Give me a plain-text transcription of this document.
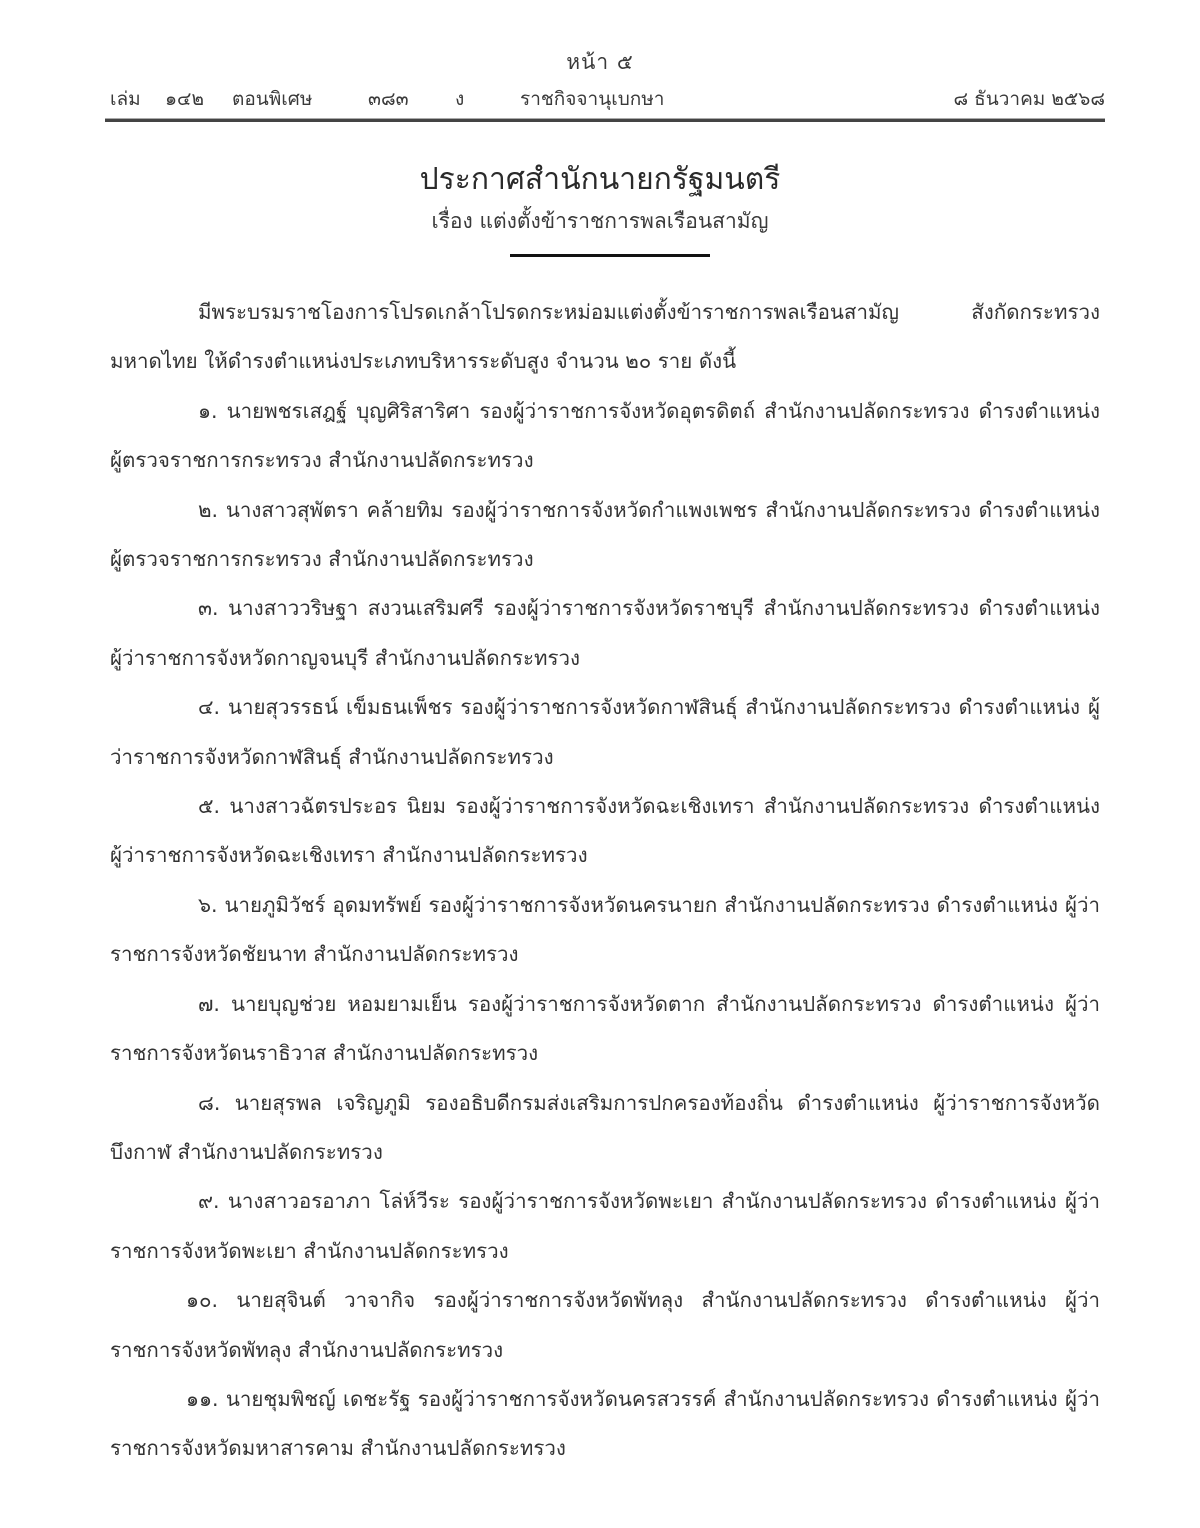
หน้า ๕
เล่ม ๑๔๒ ตอนพิเศษ	๓๘๓ ง	ราชกิจจานุเบกษา	๘ ธันวาคม ๒๕๖๘
ประกาศสำนักนายกรัฐมนตรี
เรื่อง แต่งตั้งข้าราชการพลเรือนสามัญ

มีพระบรมราชโองการโปรดเกล้าโปรดกระหม่อมแต่งตั้งข้าราชการพลเรือนสามัญ สังกัดกระทรวงมหาดไทย ให้ดำรงตำแหน่งประเภทบริหารระดับสูง จำนวน ๒๐ ราย ดังนี้

๑. นายพชรเสฎฐ์ บุญศิริสาริศา รองผู้ว่าราชการจังหวัดอุตรดิตถ์ สำนักงานปลัดกระทรวง ดำรงตำแหน่ง ผู้ตรวจราชการกระทรวง สำนักงานปลัดกระทรวง

๒. นางสาวสุพัตรา คล้ายทิม รองผู้ว่าราชการจังหวัดกำแพงเพชร สำนักงานปลัดกระทรวง ดำรงตำแหน่ง ผู้ตรวจราชการกระทรวง สำนักงานปลัดกระทรวง

๓. นางสาววริษฐา สงวนเสริมศรี รองผู้ว่าราชการจังหวัดราชบุรี สำนักงานปลัดกระทรวง ดำรงตำแหน่ง ผู้ว่าราชการจังหวัดกาญจนบุรี สำนักงานปลัดกระทรวง

๔. นายสุวรรธน์ เข็มธนเพ็ชร รองผู้ว่าราชการจังหวัดกาฬสินธุ์ สำนักงานปลัดกระทรวง ดำรงตำแหน่ง ผู้ว่าราชการจังหวัดกาฬสินธุ์ สำนักงานปลัดกระทรวง

๕. นางสาวฉัตรประอร นิยม รองผู้ว่าราชการจังหวัดฉะเชิงเทรา สำนักงานปลัดกระทรวง ดำรงตำแหน่ง ผู้ว่าราชการจังหวัดฉะเชิงเทรา สำนักงานปลัดกระทรวง

๖. นายภูมิวัชร์ อุดมทรัพย์ รองผู้ว่าราชการจังหวัดนครนายก สำนักงานปลัดกระทรวง ดำรงตำแหน่ง ผู้ว่าราชการจังหวัดชัยนาท สำนักงานปลัดกระทรวง

๗. นายบุญช่วย หอมยามเย็น รองผู้ว่าราชการจังหวัดตาก สำนักงานปลัดกระทรวง ดำรงตำแหน่ง ผู้ว่าราชการจังหวัดนราธิวาส สำนักงานปลัดกระทรวง

๘. นายสุรพล เจริญภูมิ รองอธิบดีกรมส่งเสริมการปกครองท้องถิ่น ดำรงตำแหน่ง ผู้ว่าราชการจังหวัดบึงกาฬ สำนักงานปลัดกระทรวง

๙. นางสาวอรอาภา โล่ห์วีระ รองผู้ว่าราชการจังหวัดพะเยา สำนักงานปลัดกระทรวง ดำรงตำแหน่ง ผู้ว่าราชการจังหวัดพะเยา สำนักงานปลัดกระทรวง

๑๐. นายสุจินต์ วาจากิจ รองผู้ว่าราชการจังหวัดพัทลุง สำนักงานปลัดกระทรวง ดำรงตำแหน่ง ผู้ว่าราชการจังหวัดพัทลุง สำนักงานปลัดกระทรวง

๑๑. นายชุมพิชญ์ เดชะรัฐ รองผู้ว่าราชการจังหวัดนครสวรรค์ สำนักงานปลัดกระทรวง ดำรงตำแหน่ง ผู้ว่าราชการจังหวัดมหาสารคาม สำนักงานปลัดกระทรวง
